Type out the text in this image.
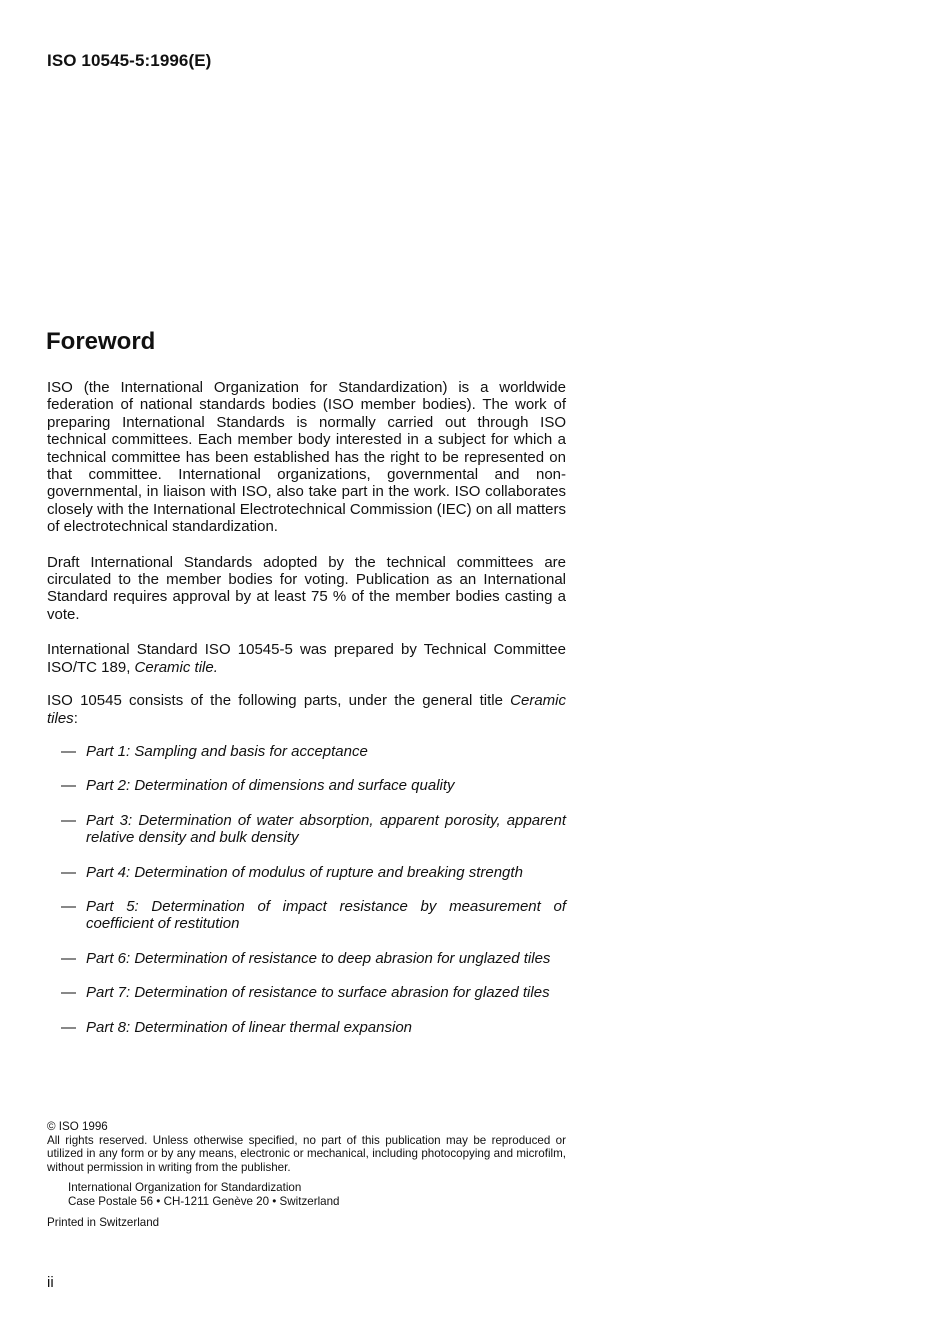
ISO 10545-5:1996(E)
Foreword

ISO (the International Organization for Standardization) is a worldwide federation of national standards bodies (ISO member bodies). The work of preparing International Standards is normally carried out through ISO technical committees. Each member body interested in a subject for which a technical committee has been established has the right to be represented on that committee. International organizations, governmental and non-governmental, in liaison with ISO, also take part in the work. ISO collaborates closely with the International Electrotechnical Commission (IEC) on all matters of electrotechnical standardization.

Draft International Standards adopted by the technical committees are circulated to the member bodies for voting. Publication as an International Standard requires approval by at least 75 % of the member bodies casting a vote.

International Standard ISO 10545-5 was prepared by Technical Committee ISO/TC 189, Ceramic tile.

ISO 10545 consists of the following parts, under the general title Ceramic tiles:

— Part 1: Sampling and basis for acceptance
— Part 2: Determination of dimensions and surface quality
— Part 3: Determination of water absorption, apparent porosity, apparent relative density and bulk density
— Part 4: Determination of modulus of rupture and breaking strength
— Part 5: Determination of impact resistance by measurement of coefficient of restitution
— Part 6: Determination of resistance to deep abrasion for unglazed tiles
— Part 7: Determination of resistance to surface abrasion for glazed tiles
— Part 8: Determination of linear thermal expansion

© ISO 1996

All rights reserved. Unless otherwise specified, no part of this publication may be reproduced or utilized in any form or by any means, electronic or mechanical, including photocopying and microfilm, without permission in writing from the publisher.

International Organization for Standardization
Case Postale 56 • CH-1211 Genève 20 • Switzerland

Printed in Switzerland

ii
